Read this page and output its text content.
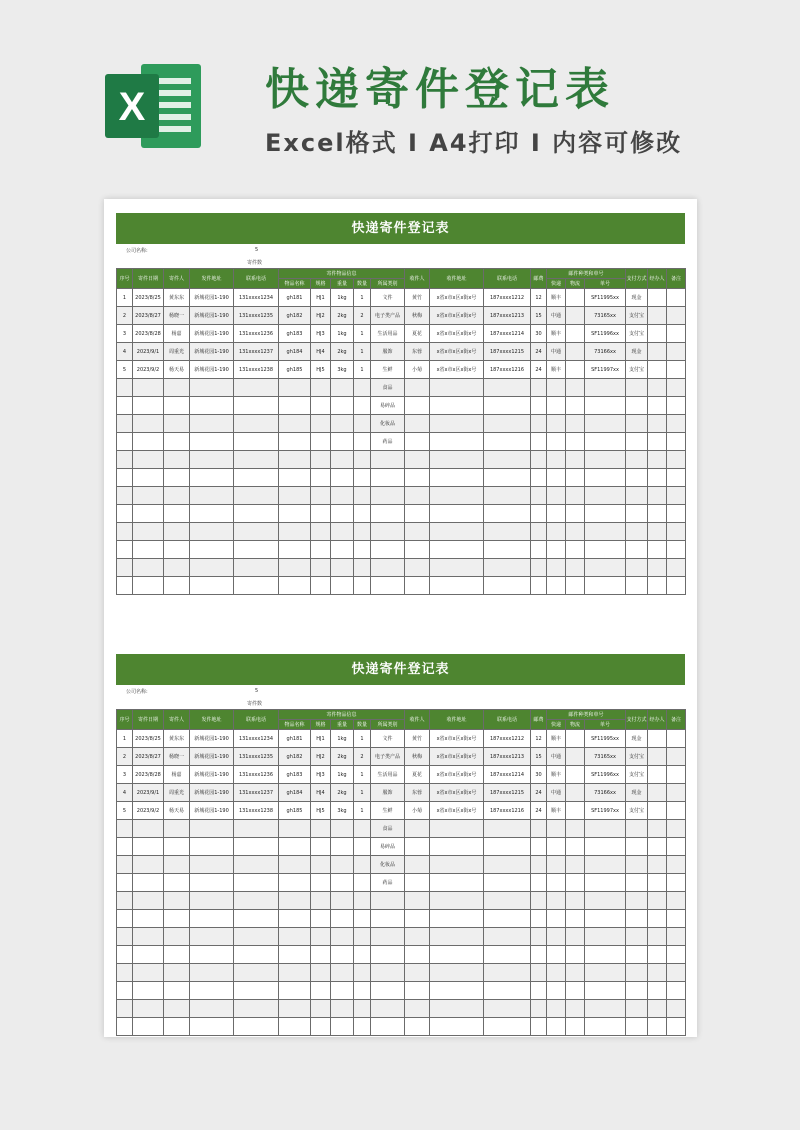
X	快递寄件登记表
Excel格式 I A4打印 I 内容可修改
快递寄件登记表
公司名称:	5
寄件数
序号	寄件日期	寄件人	发件地址	联系电话	寄件物品信息					收件人	收件地址	联系电话	邮费	邮件种类和单号			支付方式	经办人	备注
					物品名称	规格	重量	数量	所属类别					快递	物流	单号			
1	2023/8/25	黄东东	新城花园1-190	131xxxx1234	gh181	HJ1	1kg	1	文件	黄竹	x省x市x区x街x号	187xxxx1212	12	顺丰		SF11995xx	现金		
2	2023/8/27	杨晓一	新城花园1-190	131xxxx1235	gh182	HJ2	2kg	2	电子类产品	秋梅	x省x市x区x街x号	187xxxx1213	15	中通		73165xx	支付宝		
3	2023/8/28	杨嘉	新城花园1-190	131xxxx1236	gh183	HJ3	1kg	1	生活用品	夏花	x省x市x区x街x号	187xxxx1214	30	顺丰		SF11996xx	支付宝		
4	2023/9/1	周重光	新城花园1-190	131xxxx1237	gh184	HJ4	2kg	1	服饰	东蓉	x省x市x区x街x号	187xxxx1215	24	中通		73166xx	现金		
5	2023/9/2	杨天易	新城花园1-190	131xxxx1238	gh185	HJ5	3kg	1	生鲜	小菊	x省x市x区x街x号	187xxxx1216	24	顺丰		SF11997xx	支付宝		
									食品										
									易碎品										
									化妆品										
									药品										

快递寄件登记表
公司名称:	5
寄件数
序号	寄件日期	寄件人	发件地址	联系电话	寄件物品信息					收件人	收件地址	联系电话	邮费	邮件种类和单号			支付方式	经办人	备注
					物品名称	规格	重量	数量	所属类别					快递	物流	单号			
1	2023/8/25	黄东东	新城花园1-190	131xxxx1234	gh181	HJ1	1kg	1	文件	黄竹	x省x市x区x街x号	187xxxx1212	12	顺丰		SF11995xx	现金		
2	2023/8/27	杨晓一	新城花园1-190	131xxxx1235	gh182	HJ2	2kg	2	电子类产品	秋梅	x省x市x区x街x号	187xxxx1213	15	中通		73165xx	支付宝		
3	2023/8/28	杨嘉	新城花园1-190	131xxxx1236	gh183	HJ3	1kg	1	生活用品	夏花	x省x市x区x街x号	187xxxx1214	30	顺丰		SF11996xx	支付宝		
4	2023/9/1	周重光	新城花园1-190	131xxxx1237	gh184	HJ4	2kg	1	服饰	东蓉	x省x市x区x街x号	187xxxx1215	24	中通		73166xx	现金		
5	2023/9/2	杨天易	新城花园1-190	131xxxx1238	gh185	HJ5	3kg	1	生鲜	小菊	x省x市x区x街x号	187xxxx1216	24	顺丰		SF11997xx	支付宝		
									食品										
									易碎品										
									化妆品										
									药品										
